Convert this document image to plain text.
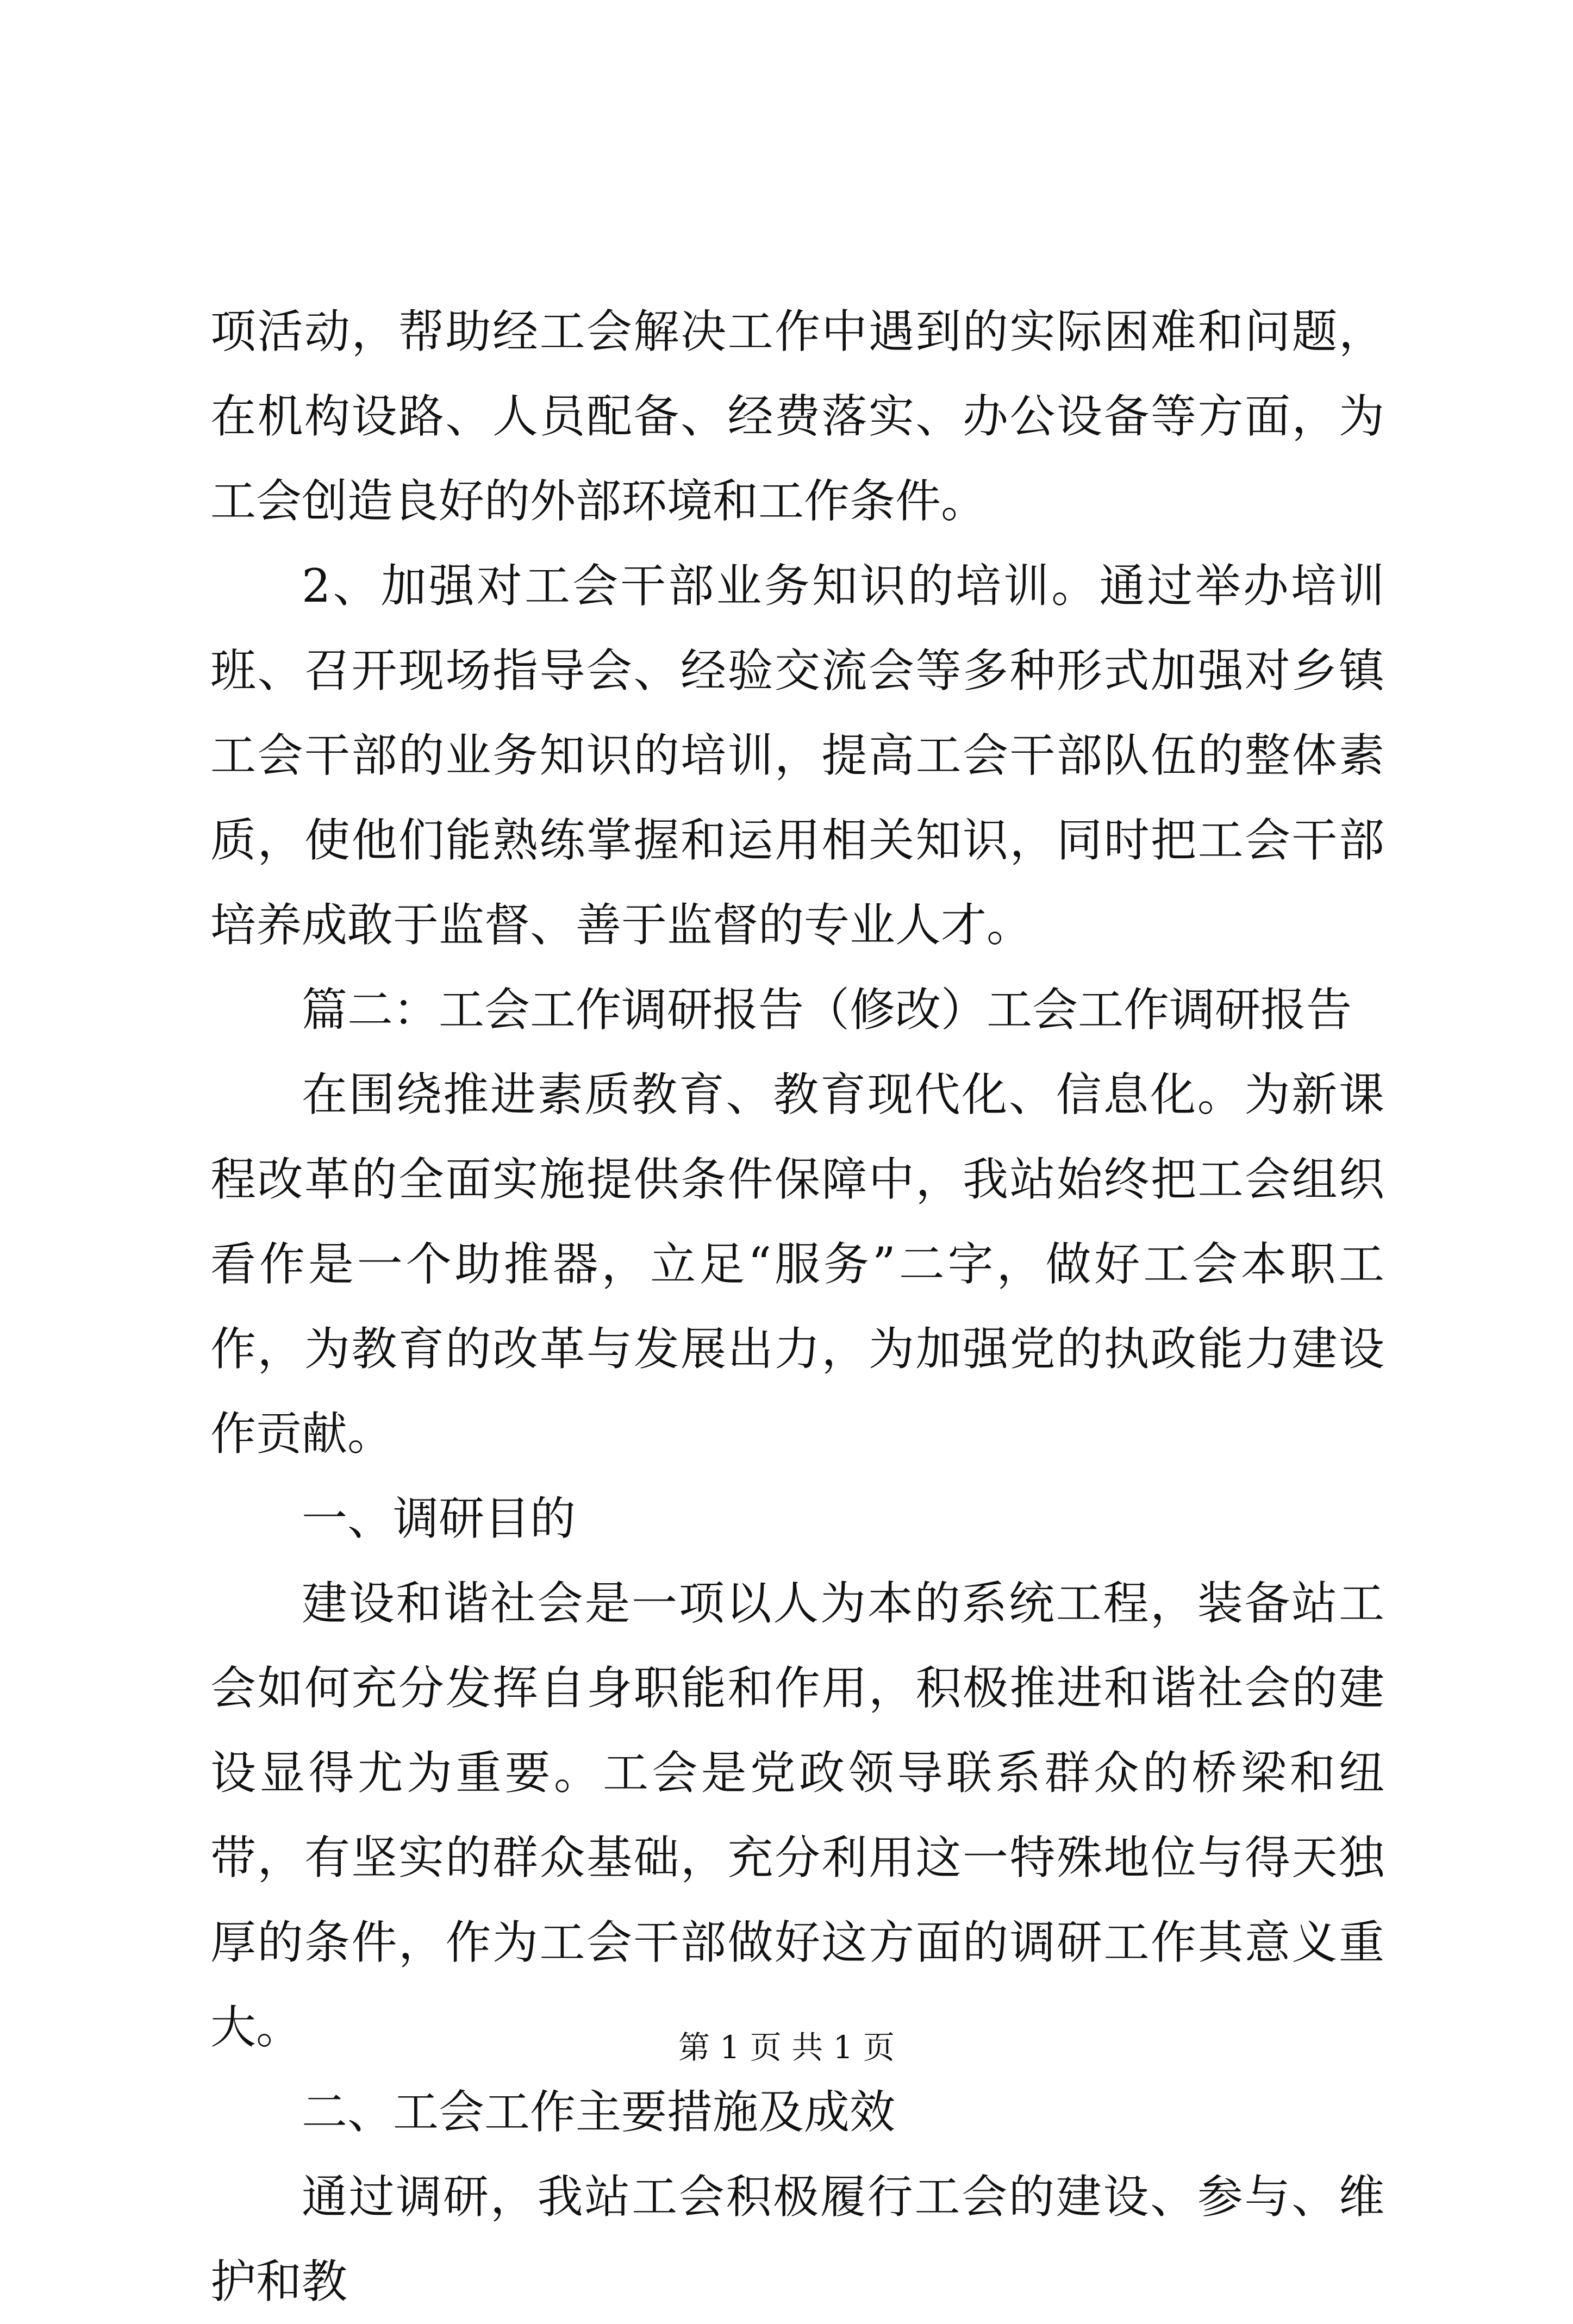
项活动，帮助经工会解决工作中遇到的实际困难和问题，在机构设路、人员配备、经费落实、办公设备等方面，为工会创造良好的外部环境和工作条件。

2、加强对工会干部业务知识的培训。通过举办培训班、召开现场指导会、经验交流会等多种形式加强对乡镇工会干部的业务知识的培训，提高工会干部队伍的整体素质，使他们能熟练掌握和运用相关知识，同时把工会干部培养成敢于监督、善于监督的专业人才。

篇二：工会工作调研报告（修改）工会工作调研报告

在围绕推进素质教育、教育现代化、信息化。为新课程改革的全面实施提供条件保障中，我站始终把工会组织看作是一个助推器，立足“服务”二字，做好工会本职工作，为教育的改革与发展出力，为加强党的执政能力建设作贡献。

一、调研目的

建设和谐社会是一项以人为本的系统工程，装备站工会如何充分发挥自身职能和作用，积极推进和谐社会的建设显得尤为重要。工会是党政领导联系群众的桥梁和纽带，有坚实的群众基础，充分利用这一特殊地位与得天独厚的条件，作为工会干部做好这方面的调研工作其意义重大。

二、工会工作主要措施及成效

通过调研，我站工会积极履行工会的建设、参与、维护和教

第 1 页 共 1 页
